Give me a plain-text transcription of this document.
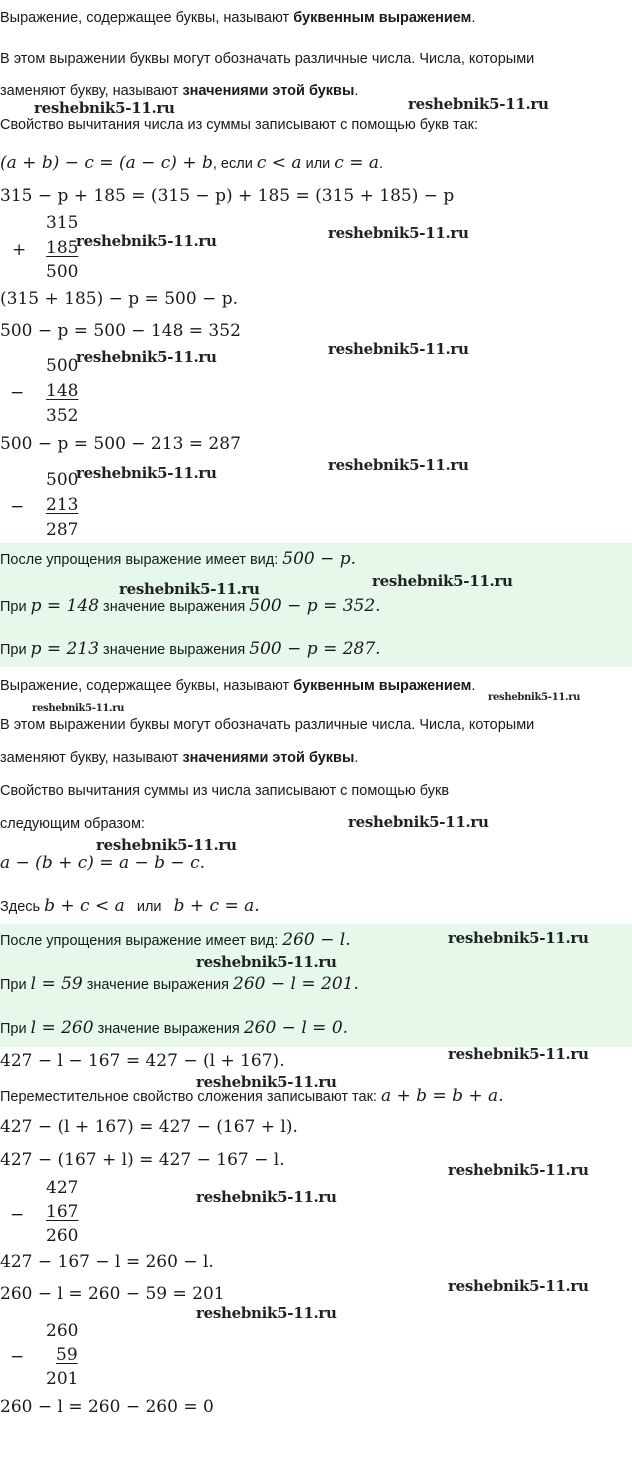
Выражение, содержащее буквы, называют буквенным выражением.
В этом выражении буквы могут обозначать различные числа. Числа, которыми
заменяют букву, называют значениями этой буквы.
Свойство вычитания числа из суммы записывают с помощью букв так:
(a + b) − c = (a − c) + b, если c < a или c = a.
315 − p + 185 = (315 − p) + 185 = (315 + 185) − p
315
+ 185
500
(315 + 185) − p = 500 − p.
500 − p = 500 − 148 = 352
500
− 148
352
500 − p = 500 − 213 = 287
500
− 213
287
После упрощения выражение имеет вид: 500 − p.
При p = 148 значение выражения 500 − p = 352.
При p = 213 значение выражения 500 − p = 287.
Выражение, содержащее буквы, называют буквенным выражением.
В этом выражении буквы могут обозначать различные числа. Числа, которыми
заменяют букву, называют значениями этой буквы.
Свойство вычитания суммы из числа записывают с помощью букв
следующим образом:
a − (b + c) = a − b − c.
Здесь b + c < a   или   b + c = a.
После упрощения выражение имеет вид: 260 − l.
При l = 59 значение выражения 260 − l = 201.
При l = 260 значение выражения 260 − l = 0.
427 − l − 167 = 427 − (l + 167).
Переместительное свойство сложения записывают так: a + b = b + a.
427 − (l + 167) = 427 − (167 + l).
427 − (167 + l) = 427 − 167 − l.
427
− 167
260
427 − 167 − l = 260 − l.
260 − l = 260 − 59 = 201
260
− 59
201
260 − l = 260 − 260 = 0
reshebnik5-11.ru	reshebnik5-11.ru
reshebnik5-11.ru	reshebnik5-11.ru
reshebnik5-11.ru	reshebnik5-11.ru
reshebnik5-11.ru	reshebnik5-11.ru
reshebnik5-11.ru
reshebnik5-11.ru
reshebnik5-11.ru
reshebnik5-11.ru
reshebnik5-11.ru
reshebnik5-11.ru
reshebnik5-11.ru
reshebnik5-11.ru
reshebnik5-11.ru
reshebnik5-11.ru
reshebnik5-11.ru
reshebnik5-11.ru
reshebnik5-11.ru
reshebnik5-11.ru
